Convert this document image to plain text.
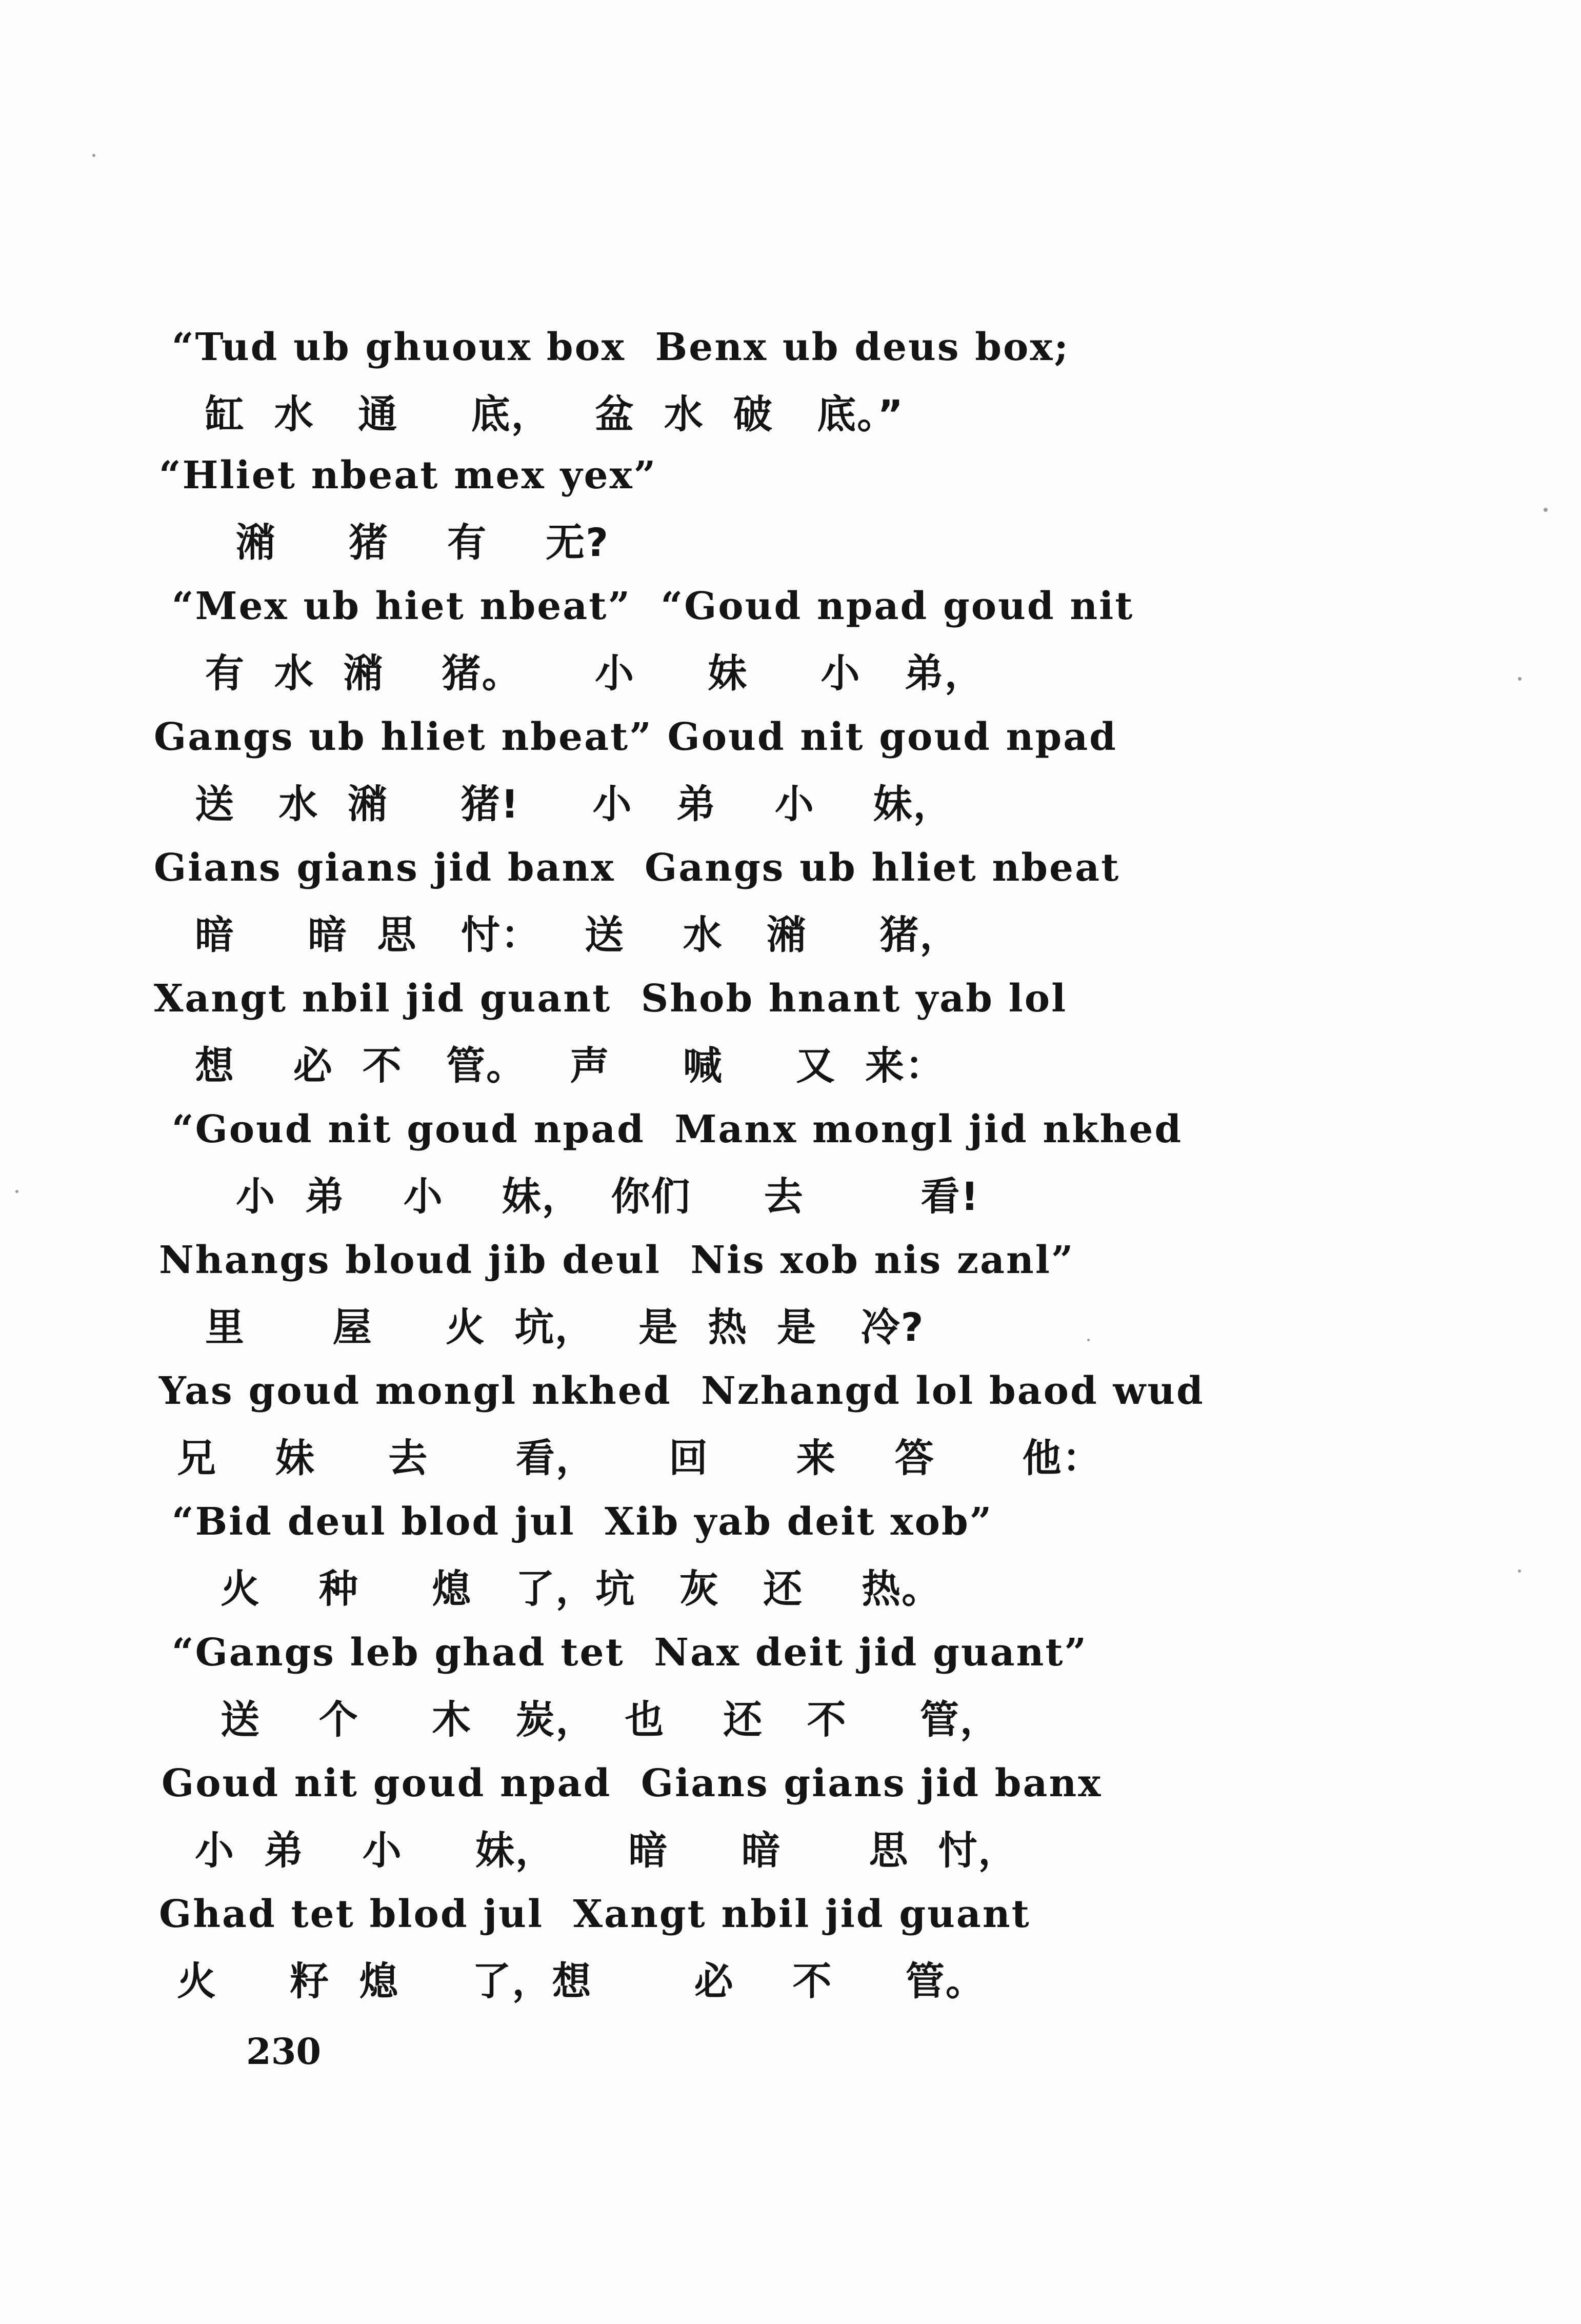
“Tud ub ghuoux box  Benx ub deus box;
缸  水   通     底，   盆  水  破   底。”
“Hliet nbeat mex yex”
潲     猪    有    无?
“Mex ub hiet nbeat”  “Goud npad goud nit
有  水  潲    猪。     小     妹     小   弟，
Gangs ub hliet nbeat” Goud nit goud npad
送   水  潲     猪!     小   弟    小    妹，
Gians gians jid banx  Gangs ub hliet nbeat
暗     暗  思   忖：   送    水   潲     猪，
Xangt nbil jid guant  Shob hnant yab lol
想    必  不   管。   声     喊     又  来：
“Goud nit goud npad  Manx mongl jid nkhed
小  弟    小    妹，  你们     去        看!
Nhangs bloud jib deul  Nis xob nis zanl”
里      屋     火  坑，   是  热  是   冷?
Yas goud mongl nkhed  Nzhangd lol baod wud
兄    妹     去      看，     回      来    答      他：
“Bid deul blod jul  Xib yab deit xob”
火    种     熄   了，坑   灰   还    热。
“Gangs leb ghad tet  Nax deit jid guant”
送    个     木   炭，  也    还   不     管，
Goud nit goud npad  Gians gians jid banx
小  弟    小     妹，     暗     暗      思  忖，
Ghad tet blod jul  Xangt nbil jid guant
火     籽  熄     了，想       必    不     管。
230
